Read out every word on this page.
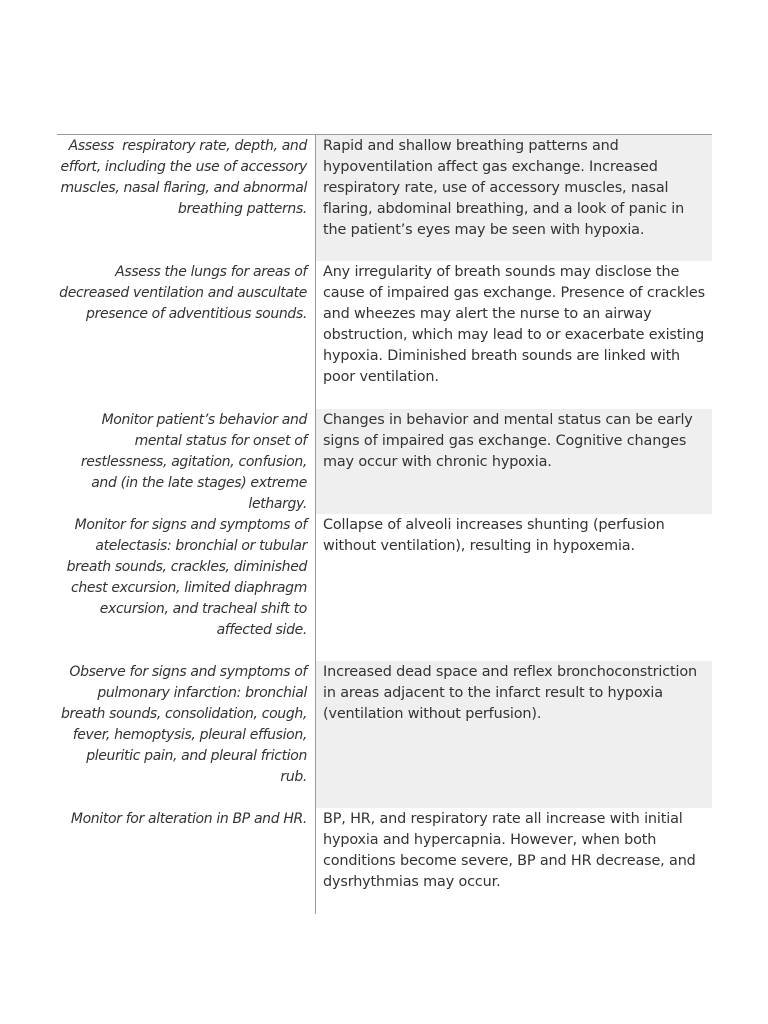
Assess  respiratory rate, depth, and effort, including the use of accessory muscles, nasal flaring, and abnormal breathing patterns.
Rapid and shallow breathing patterns and hypoventilation affect gas exchange. Increased respiratory rate, use of accessory muscles, nasal flaring, abdominal breathing, and a look of panic in the patient’s eyes may be seen with hypoxia.
Assess the lungs for areas of decreased ventilation and auscultate presence of adventitious sounds.
Any irregularity of breath sounds may disclose the cause of impaired gas exchange. Presence of crackles and wheezes may alert the nurse to an airway obstruction, which may lead to or exacerbate existing hypoxia. Diminished breath sounds are linked with poor ventilation.
Monitor patient’s behavior and mental status for onset of restlessness, agitation, confusion, and (in the late stages) extreme lethargy.
Changes in behavior and mental status can be early signs of impaired gas exchange. Cognitive changes may occur with chronic hypoxia.
Monitor for signs and symptoms of atelectasis: bronchial or tubular breath sounds, crackles, diminished chest excursion, limited diaphragm excursion, and tracheal shift to affected side.
Collapse of alveoli increases shunting (perfusion without ventilation), resulting in hypoxemia.
Observe for signs and symptoms of pulmonary infarction: bronchial breath sounds, consolidation, cough, fever, hemoptysis, pleural effusion, pleuritic pain, and pleural friction rub.
Increased dead space and reflex bronchoconstriction in areas adjacent to the infarct result to hypoxia (ventilation without perfusion).
Monitor for alteration in BP and HR.	BP, HR, and respiratory rate all increase with initial hypoxia and hypercapnia. However, when both conditions become severe, BP and HR decrease, and dysrhythmias may occur.
